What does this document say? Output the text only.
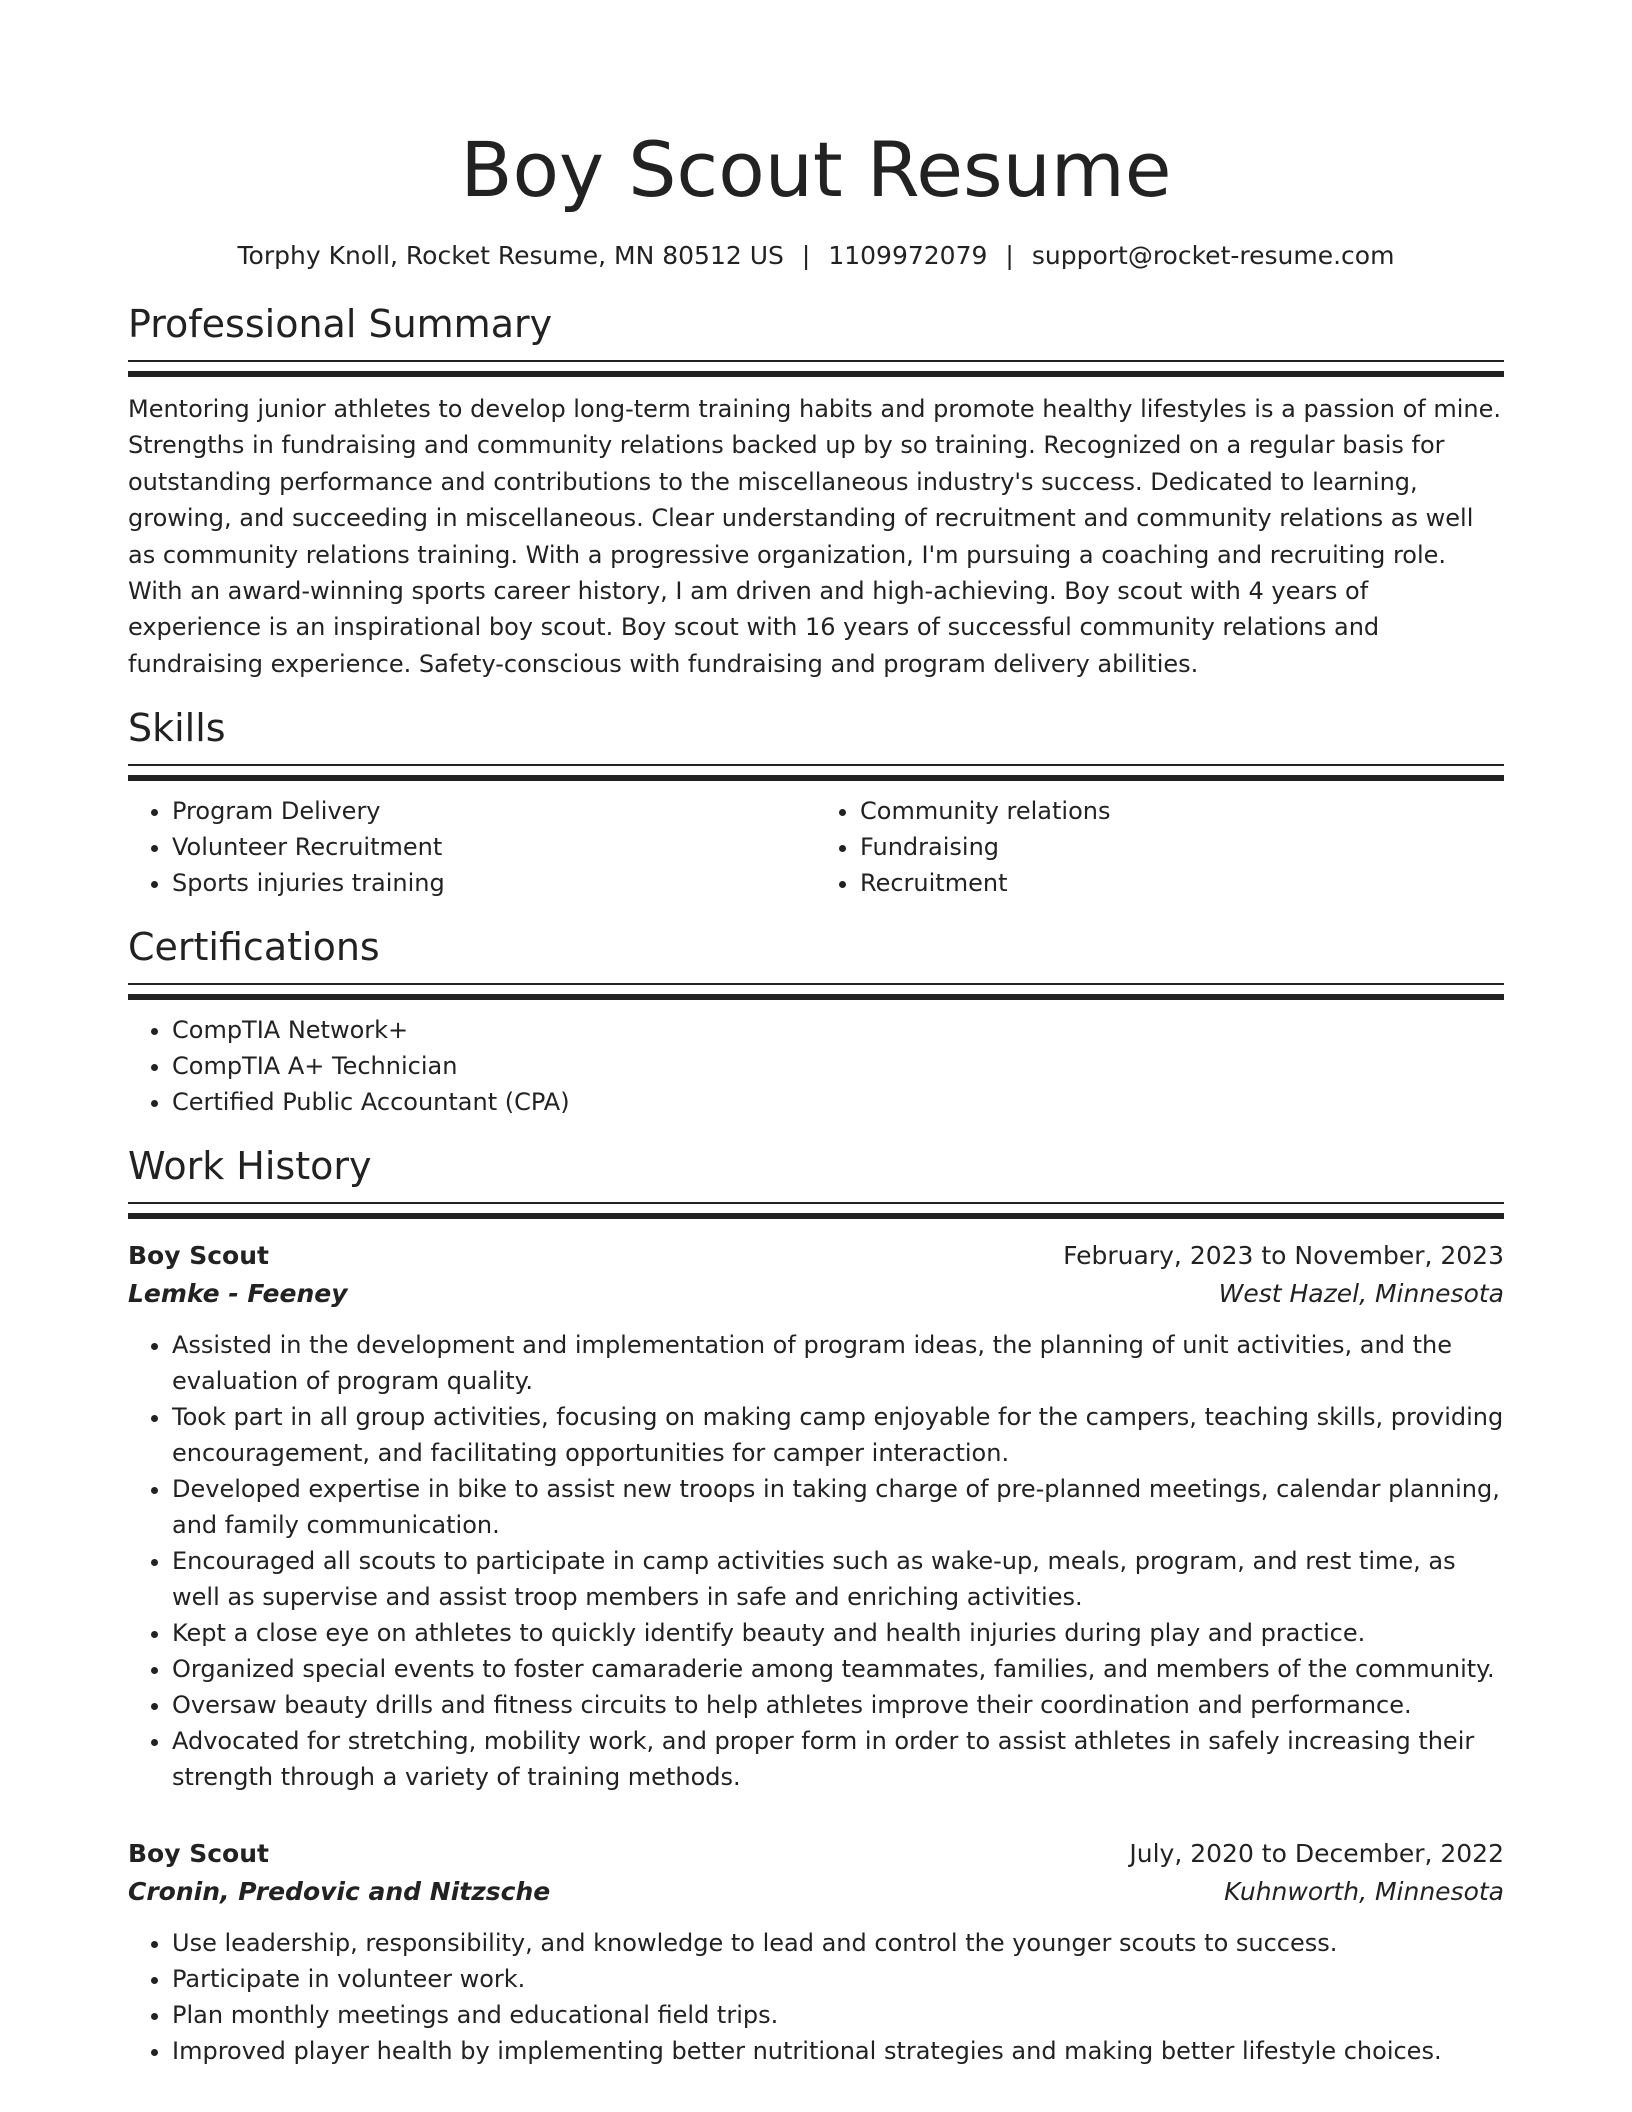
Boy Scout Resume
Torphy Knoll, Rocket Resume, MN 80512 US | 1109972079 | support@rocket-resume.com
Professional Summary

Mentoring junior athletes to develop long-term training habits and promote healthy lifestyles is a passion of mine. Strengths in fundraising and community relations backed up by so training. Recognized on a regular basis for outstanding performance and contributions to the miscellaneous industry's success. Dedicated to learning, growing, and succeeding in miscellaneous. Clear understanding of recruitment and community relations as well as community relations training. With a progressive organization, I'm pursuing a coaching and recruiting role. With an award-winning sports career history, I am driven and high-achieving. Boy scout with 4 years of experience is an inspirational boy scout. Boy scout with 16 years of successful community relations and fundraising experience. Safety-conscious with fundraising and program delivery abilities.

Skills
• Program Delivery
• Volunteer Recruitment
• Sports injuries training
• Community relations
• Fundraising
• Recruitment
Certifications
• CompTIA Network+
• CompTIA A+ Technician
• Certified Public Accountant (CPA)
Work History
Boy Scout	February, 2023 to November, 2023
Lemke - Feeney	West Hazel, Minnesota
• Assisted in the development and implementation of program ideas, the planning of unit activities, and the evaluation of program quality.
• Took part in all group activities, focusing on making camp enjoyable for the campers, teaching skills, providing encouragement, and facilitating opportunities for camper interaction.
• Developed expertise in bike to assist new troops in taking charge of pre-planned meetings, calendar planning, and family communication.
• Encouraged all scouts to participate in camp activities such as wake-up, meals, program, and rest time, as well as supervise and assist troop members in safe and enriching activities.
• Kept a close eye on athletes to quickly identify beauty and health injuries during play and practice.
• Organized special events to foster camaraderie among teammates, families, and members of the community.
• Oversaw beauty drills and fitness circuits to help athletes improve their coordination and performance.
• Advocated for stretching, mobility work, and proper form in order to assist athletes in safely increasing their strength through a variety of training methods.
Boy Scout	July, 2020 to December, 2022
Cronin, Predovic and Nitzsche	Kuhnworth, Minnesota
• Use leadership, responsibility, and knowledge to lead and control the younger scouts to success.
• Participate in volunteer work.
• Plan monthly meetings and educational field trips.
• Improved player health by implementing better nutritional strategies and making better lifestyle choices.
